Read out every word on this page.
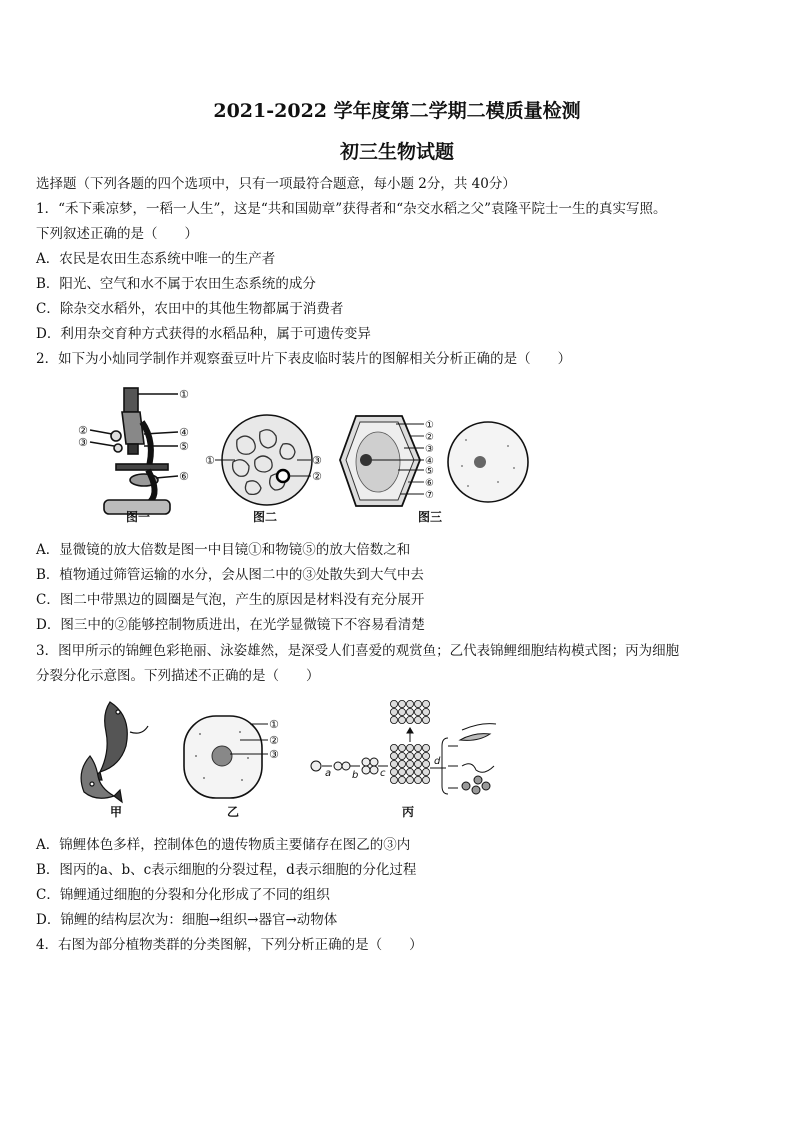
2021-2022 学年度第二学期二模质量检测
初三生物试题
选择题（下列各题的四个选项中，只有一项最符合题意，每小题 2分，共 40分）
1．“禾下乘凉梦，一稻一人生”，这是“共和国勋章”获得者和“杂交水稻之父”袁隆平院士一生的真实写照。
下列叙述正确的是（　　）
A．农民是农田生态系统中唯一的生产者
B．阳光、空气和水不属于农田生态系统的成分
C．除杂交水稻外，农田中的其他生物都属于消费者
D．利用杂交育种方式获得的水稻品种，属于可遗传变异
2．如下为小灿同学制作并观察蚕豆叶片下表皮临时装片的图解相关分析正确的是（　　）
①
②
③
④
⑤
⑥
图一
①	③
②
图二
①
②
③
④
⑤
⑥
⑦
图三
A．显微镜的放大倍数是图一中目镜①和物镜⑤的放大倍数之和
B．植物通过筛管运输的水分，会从图二中的③处散失到大气中去
C．图二中带黑边的圆圈是气泡，产生的原因是材料没有充分展开
D．图三中的②能够控制物质进出，在光学显微镜下不容易看清楚
3．图甲所示的锦鲤色彩艳丽、泳姿雄然，是深受人们喜爱的观赏鱼；乙代表锦鲤细胞结构模式图；丙为细胞
分裂分化示意图。下列描述不正确的是（　　）
甲
①
②
③
乙
a b c
d
丙
A．锦鲤体色多样，控制体色的遗传物质主要储存在图乙的③内
B．图丙的a、b、c表示细胞的分裂过程，d表示细胞的分化过程
C．锦鲤通过细胞的分裂和分化形成了不同的组织
D．锦鲤的结构层次为：细胞→组织→器官→动物体
4．右图为部分植物类群的分类图解，下列分析正确的是（　　）
